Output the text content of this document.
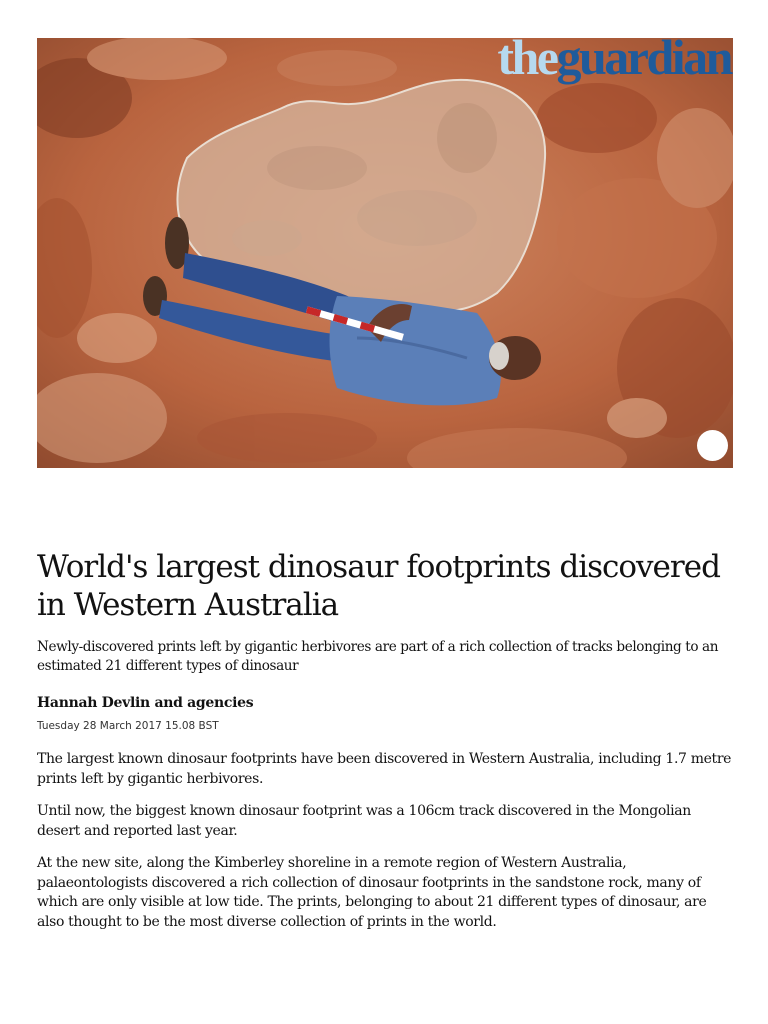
theguardian
World's largest dinosaur footprints discovered in Western Australia

Newly-discovered prints left by gigantic herbivores are part of a rich collection of tracks belonging to an estimated 21 different types of dinosaur

Hannah Devlin and agencies

Tuesday 28 March 2017 15.08 BST

The largest known dinosaur footprints have been discovered in Western Australia, including 1.7 metre prints left by gigantic herbivores.

Until now, the biggest known dinosaur footprint was a 106cm track discovered in the Mongolian desert and reported last year.

At the new site, along the Kimberley shoreline in a remote region of Western Australia, palaeontologists discovered a rich collection of dinosaur footprints in the sandstone rock, many of which are only visible at low tide. The prints, belonging to about 21 different types of dinosaur, are also thought to be the most diverse collection of prints in the world.
